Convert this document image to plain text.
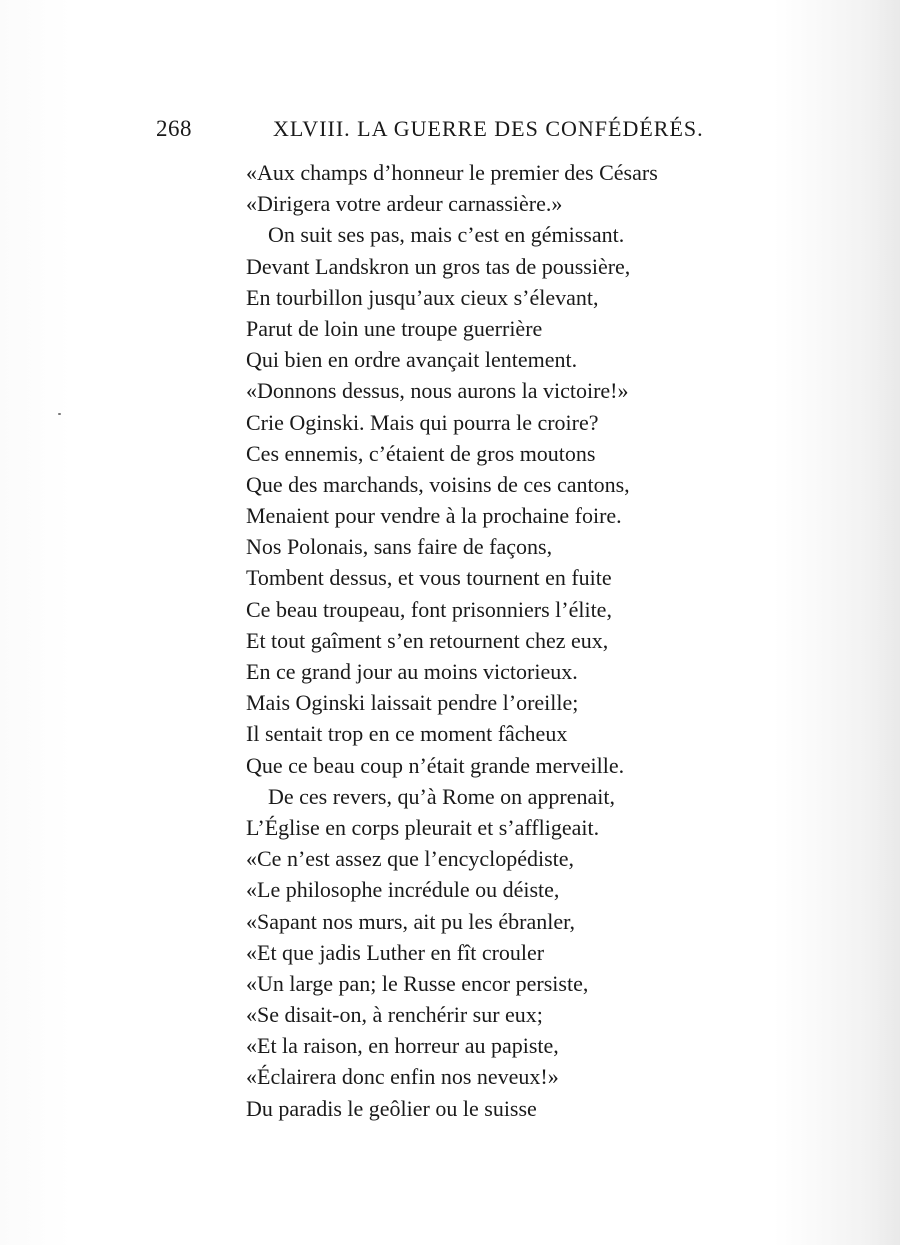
268	XLVIII. LA GUERRE DES CONFÉDÉRÉS.
«Aux champs d’honneur le premier des Césars
«Dirigera votre ardeur carnassière.»
On suit ses pas, mais c’est en gémissant.
Devant Landskron un gros tas de poussière,
En tourbillon jusqu’aux cieux s’élevant,
Parut de loin une troupe guerrière
Qui bien en ordre avançait lentement.
«Donnons dessus, nous aurons la victoire!»
Crie Oginski. Mais qui pourra le croire?
Ces ennemis, c’étaient de gros moutons
Que des marchands, voisins de ces cantons,
Menaient pour vendre à la prochaine foire.
Nos Polonais, sans faire de façons,
Tombent dessus, et vous tournent en fuite
Ce beau troupeau, font prisonniers l’élite,
Et tout gaîment s’en retournent chez eux,
En ce grand jour au moins victorieux.
Mais Oginski laissait pendre l’oreille;
Il sentait trop en ce moment fâcheux
Que ce beau coup n’était grande merveille.
De ces revers, qu’à Rome on apprenait,
L’Église en corps pleurait et s’affligeait.
«Ce n’est assez que l’encyclopédiste,
«Le philosophe incrédule ou déiste,
«Sapant nos murs, ait pu les ébranler,
«Et que jadis Luther en fît crouler
«Un large pan; le Russe encor persiste,
«Se disait-on, à renchérir sur eux;
«Et la raison, en horreur au papiste,
«Éclairera donc enfin nos neveux!»
Du paradis le geôlier ou le suisse
